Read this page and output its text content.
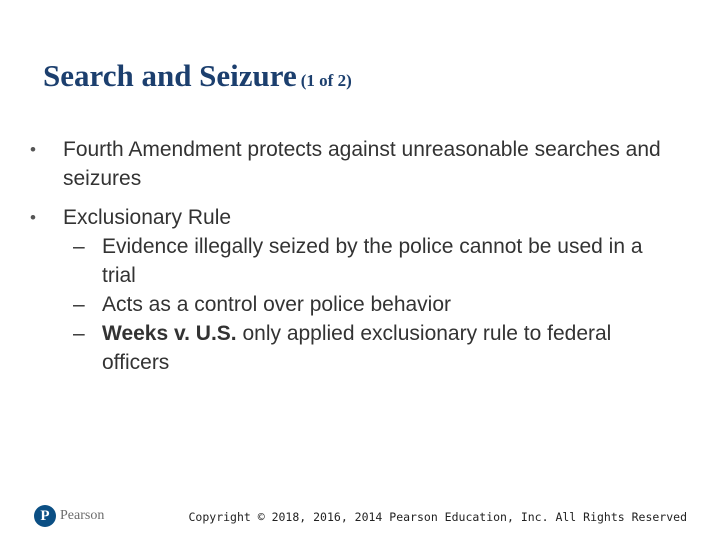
Search and Seizure (1 of 2)
• Fourth Amendment protects against unreasonable searches and seizures
• Exclusionary Rule
– Evidence illegally seized by the police cannot be used in a trial
– Acts as a control over police behavior
– Weeks v. U.S. only applied exclusionary rule to federal officers
P Pearson	Copyright © 2018, 2016, 2014 Pearson Education, Inc. All Rights Reserved
